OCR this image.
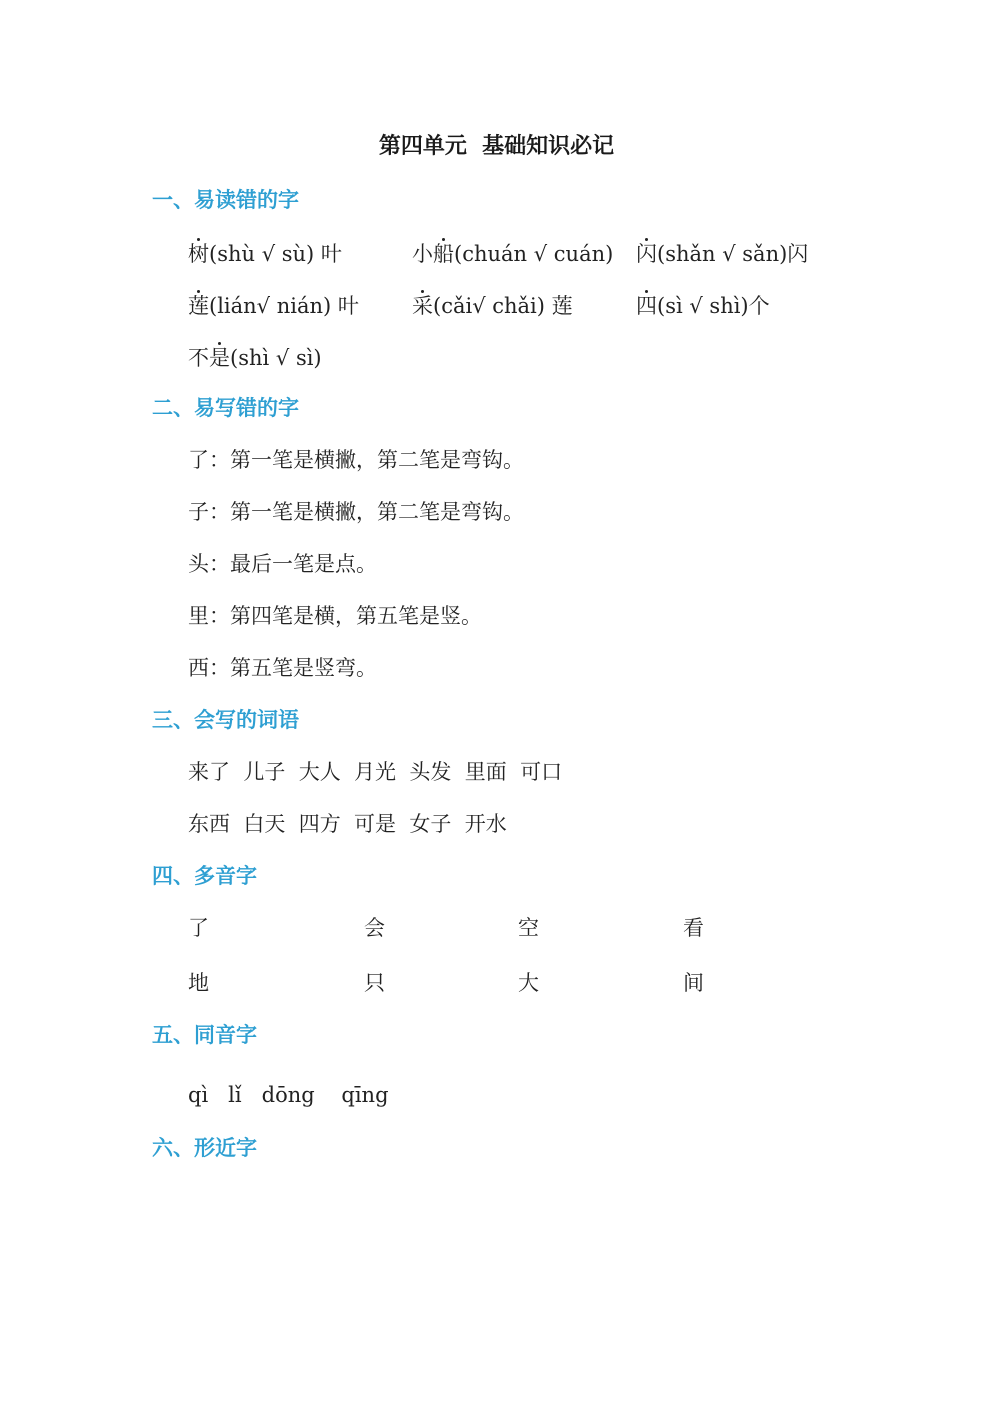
第四单元  基础知识必记
一、易读错的字
树(shù √ sù) 叶	小船(chuán √ cuán) 闪(shǎn √ sǎn)闪
莲(lián√ nián) 叶	采(cǎi√ chǎi) 莲	四(sì √ shì)个
不是(shì √ sì)
二、易写错的字
了：第一笔是横撇，第二笔是弯钩。
子：第一笔是横撇，第二笔是弯钩。
头：最后一笔是点。
里：第四笔是横，第五笔是竖。
西：第五笔是竖弯。
三、会写的词语
来了  儿子  大人  月光  头发  里面  可口
东西  白天  四方  可是  女子  开水
四、多音字
了	会	空	看
地	只	大	间
五、同音字
qì   lǐ   dōng    qīng
六、形近字
